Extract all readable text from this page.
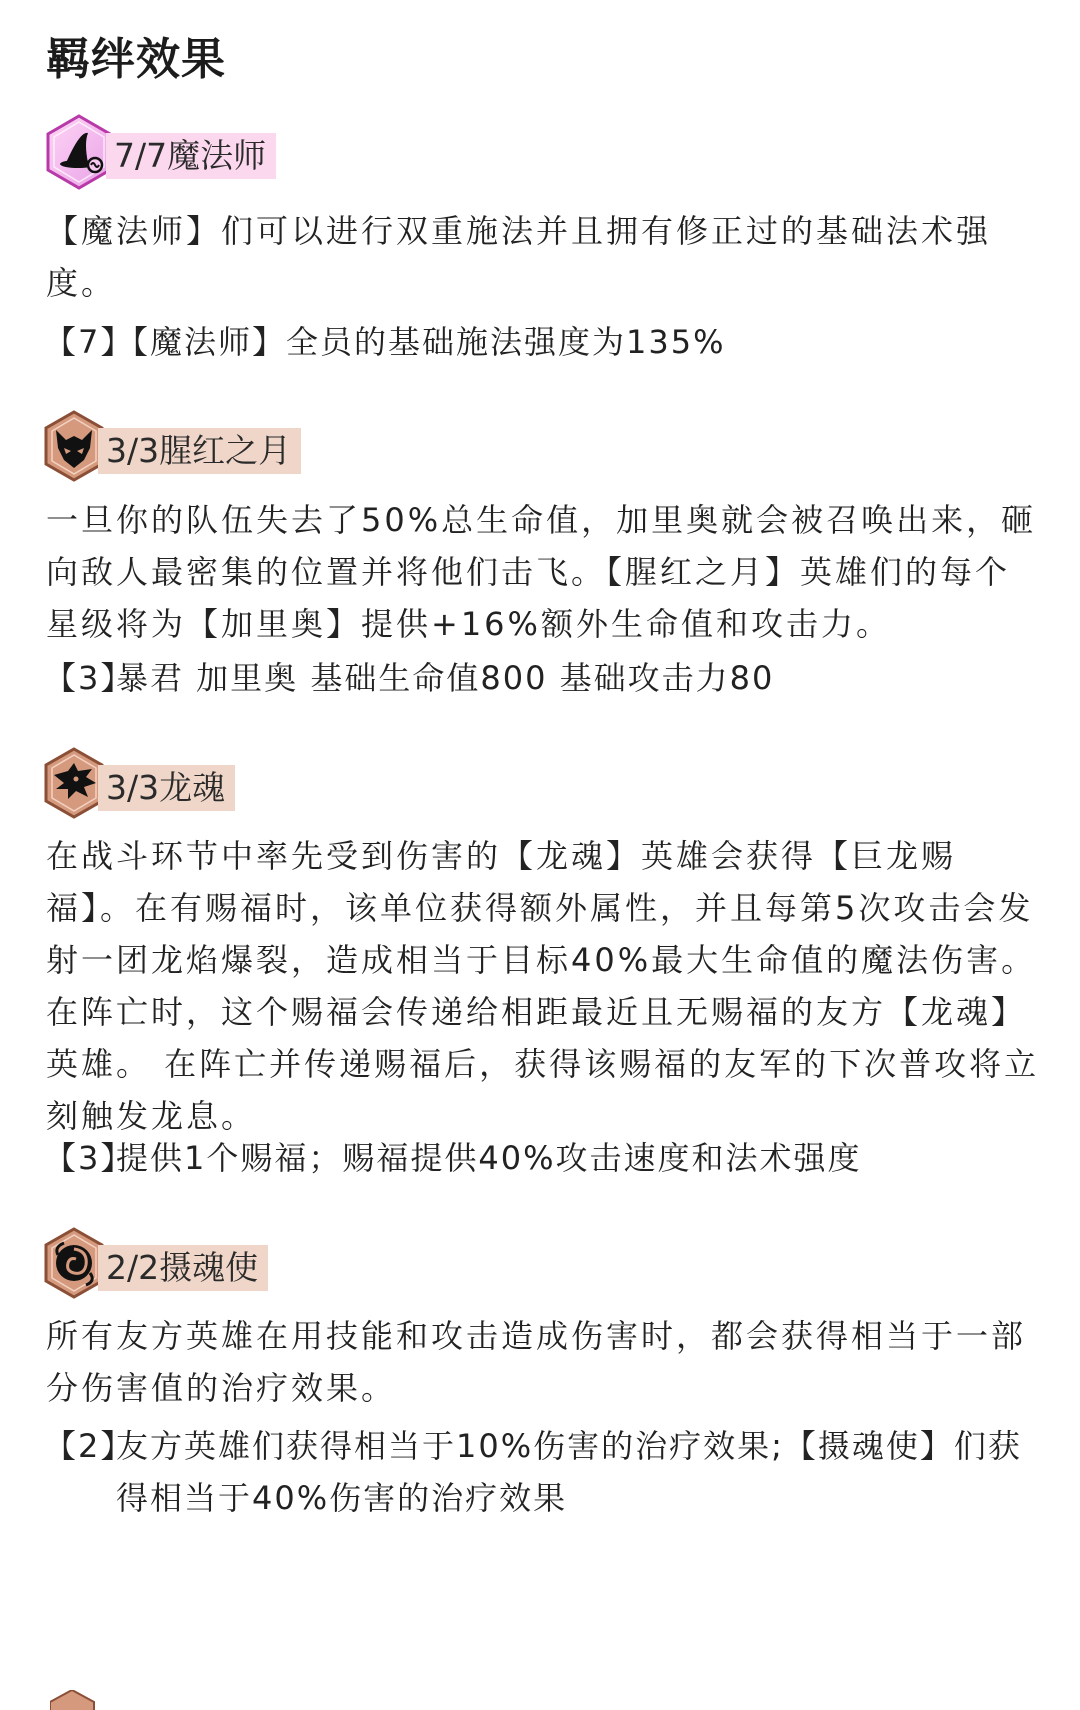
羁绊效果
7/7魔法师

【魔法师】们可以进行双重施法并且拥有修正过的基础法术强度。

【7】
【魔法师】全员的基础施法强度为135%
3/3腥红之月

一旦你的队伍失去了50%总生命值，加里奥就会被召唤出来，砸向敌人最密集的位置并将他们击飞。【腥红之月】英雄们的每个星级将为【加里奥】提供+16%额外生命值和攻击力。

【3】
暴君 加里奥 基础生命值800 基础攻击力80
3/3龙魂

在战斗环节中率先受到伤害的【龙魂】英雄会获得【巨龙赐福】。在有赐福时，该单位获得额外属性，并且每第5次攻击会发射一团龙焰爆裂，造成相当于目标40%最大生命值的魔法伤害。在阵亡时，这个赐福会传递给相距最近且无赐福的友方【龙魂】英雄。 在阵亡并传递赐福后，获得该赐福的友军的下次普攻将立刻触发龙息。

【3】
提供1个赐福；赐福提供40%攻击速度和法术强度
2/2摄魂使

所有友方英雄在用技能和攻击造成伤害时，都会获得相当于一部分伤害值的治疗效果。

【2】
友方英雄们获得相当于10%伤害的治疗效果;【摄魂使】们获得相当于40%伤害的治疗效果
